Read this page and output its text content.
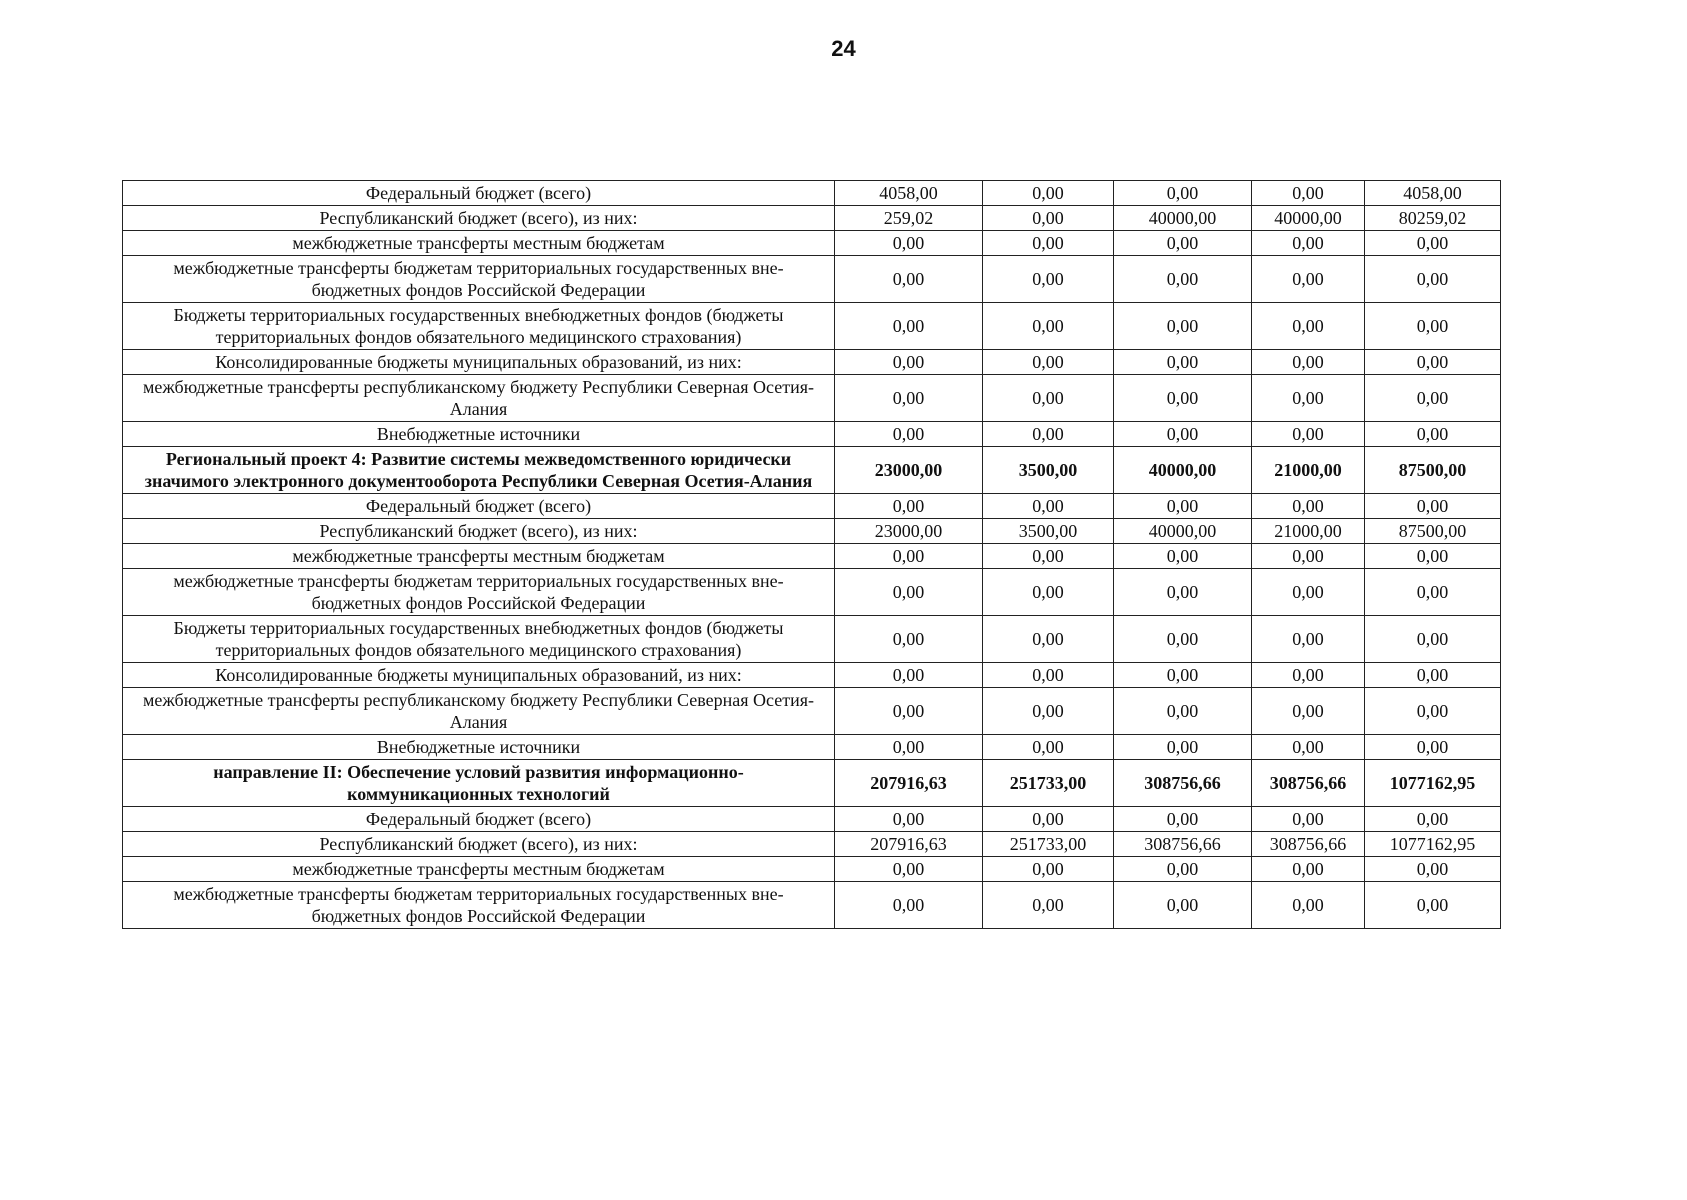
24
Федеральный бюджет (всего)	4058,00	0,00	0,00	0,00	4058,00
Республиканский бюджет (всего), из них:	259,02	0,00	40000,00	40000,00	80259,02
межбюджетные трансферты местным бюджетам	0,00	0,00	0,00	0,00	0,00
межбюджетные трансферты бюджетам территориальных государственных вне-бюджетных фондов Российской Федерации	0,00	0,00	0,00	0,00	0,00
Бюджеты территориальных государственных внебюджетных фондов (бюджеты территориальных фондов обязательного медицинского страхования)	0,00	0,00	0,00	0,00	0,00
Консолидированные бюджеты муниципальных образований, из них:	0,00	0,00	0,00	0,00	0,00
межбюджетные трансферты республиканскому бюджету Республики Северная Осетия-Алания	0,00	0,00	0,00	0,00	0,00
Внебюджетные источники	0,00	0,00	0,00	0,00	0,00
Региональный проект 4: Развитие системы межведомственного юридически значимого электронного документооборота Республики Северная Осетия-Алания	23000,00	3500,00	40000,00	21000,00	87500,00
Федеральный бюджет (всего)	0,00	0,00	0,00	0,00	0,00
Республиканский бюджет (всего), из них:	23000,00	3500,00	40000,00	21000,00	87500,00
межбюджетные трансферты местным бюджетам	0,00	0,00	0,00	0,00	0,00
межбюджетные трансферты бюджетам территориальных государственных вне-бюджетных фондов Российской Федерации	0,00	0,00	0,00	0,00	0,00
Бюджеты территориальных государственных внебюджетных фондов (бюджеты территориальных фондов обязательного медицинского страхования)	0,00	0,00	0,00	0,00	0,00
Консолидированные бюджеты муниципальных образований, из них:	0,00	0,00	0,00	0,00	0,00
межбюджетные трансферты республиканскому бюджету Республики Северная Осетия-Алания	0,00	0,00	0,00	0,00	0,00
Внебюджетные источники	0,00	0,00	0,00	0,00	0,00
направление II: Обеспечение условий развития информационно-коммуникационных технологий	207916,63	251733,00	308756,66	308756,66	1077162,95
Федеральный бюджет (всего)	0,00	0,00	0,00	0,00	0,00
Республиканский бюджет (всего), из них:	207916,63	251733,00	308756,66	308756,66	1077162,95
межбюджетные трансферты местным бюджетам	0,00	0,00	0,00	0,00	0,00
межбюджетные трансферты бюджетам территориальных государственных вне-бюджетных фондов Российской Федерации	0,00	0,00	0,00	0,00	0,00
